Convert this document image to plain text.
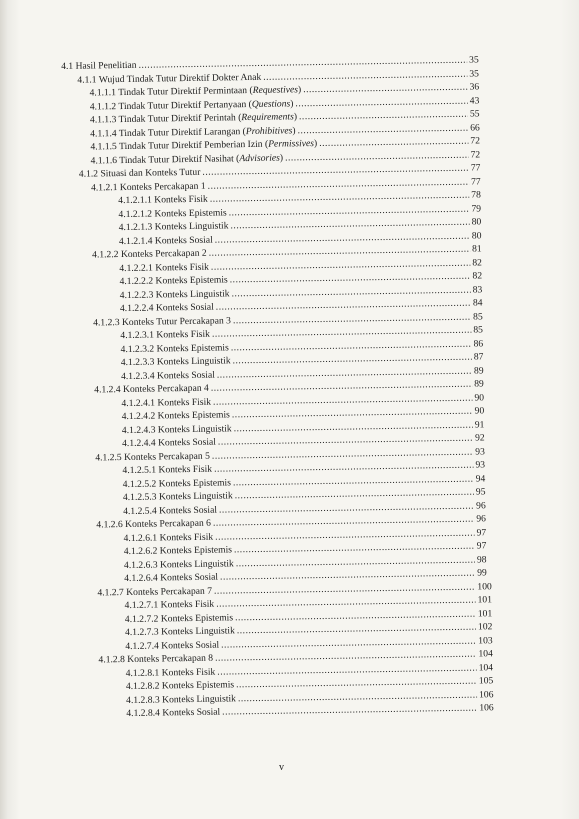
4.1 Hasil Penelitian .....	35
4.1.1 Wujud Tindak Tutur Direktif Dokter Anak .....	35
4.1.1.1 Tindak Tutur Direktif Permintaan (Requestives) .....	36
4.1.1.2 Tindak Tutur Direktif Pertanyaan (Questions) .....	43
4.1.1.3 Tindak Tutur Direktif Perintah (Requirements) .....	55
4.1.1.4 Tindak Tutur Direktif Larangan (Prohibitives) .....	66
4.1.1.5 Tindak Tutur Direktif Pemberian Izin (Permissives) .....	72
4.1.1.6 Tindak Tutur Direktif Nasihat (Advisories) .....	72
4.1.2 Situasi dan Konteks Tutur .....	77
4.1.2.1 Konteks Percakapan 1 .....	77
4.1.2.1.1 Konteks Fisik .....	78
4.1.2.1.2 Konteks Epistemis .....	79
4.1.2.1.3 Konteks Linguistik .....	80
4.1.2.1.4 Konteks Sosial .....	80
4.1.2.2 Konteks Percakapan 2 .....	81
4.1.2.2.1 Konteks Fisik .....	82
4.1.2.2.2 Konteks Epistemis .....	82
4.1.2.2.3 Konteks Linguistik .....	83
4.1.2.2.4 Konteks Sosial .....	84
4.1.2.3 Konteks Tutur Percakapan 3 .....	85
4.1.2.3.1 Konteks Fisik .....	85
4.1.2.3.2 Konteks Epistemis .....	86
4.1.2.3.3 Konteks Linguistik .....	87
4.1.2.3.4 Konteks Sosial .....	89
4.1.2.4 Konteks Percakapan 4 .....	89
4.1.2.4.1 Konteks Fisik .....	90
4.1.2.4.2 Konteks Epistemis .....	90
4.1.2.4.3 Konteks Linguistik .....	91
4.1.2.4.4 Konteks Sosial .....	92
4.1.2.5 Konteks Percakapan 5 .....	93
4.1.2.5.1 Konteks Fisik .....	93
4.1.2.5.2 Konteks Epistemis .....	94
4.1.2.5.3 Konteks Linguistik .....	95
4.1.2.5.4 Konteks Sosial .....	96
4.1.2.6 Konteks Percakapan 6 .....	96
4.1.2.6.1 Konteks Fisik .....	97
4.1.2.6.2 Konteks Epistemis .....	97
4.1.2.6.3 Konteks Linguistik .....	98
4.1.2.6.4 Konteks Sosial .....	99
4.1.2.7 Konteks Percakapan 7 .....	100
4.1.2.7.1 Konteks Fisik .....	101
4.1.2.7.2 Konteks Epistemis .....	101
4.1.2.7.3 Konteks Linguistik .....	102
4.1.2.7.4 Konteks Sosial .....	103
4.1.2.8 Konteks Percakapan 8 .....	104
4.1.2.8.1 Konteks Fisik .....	104
4.1.2.8.2 Konteks Epistemis .....	105
4.1.2.8.3 Konteks Linguistik .....	106
4.1.2.8.4 Konteks Sosial .....	106
v
